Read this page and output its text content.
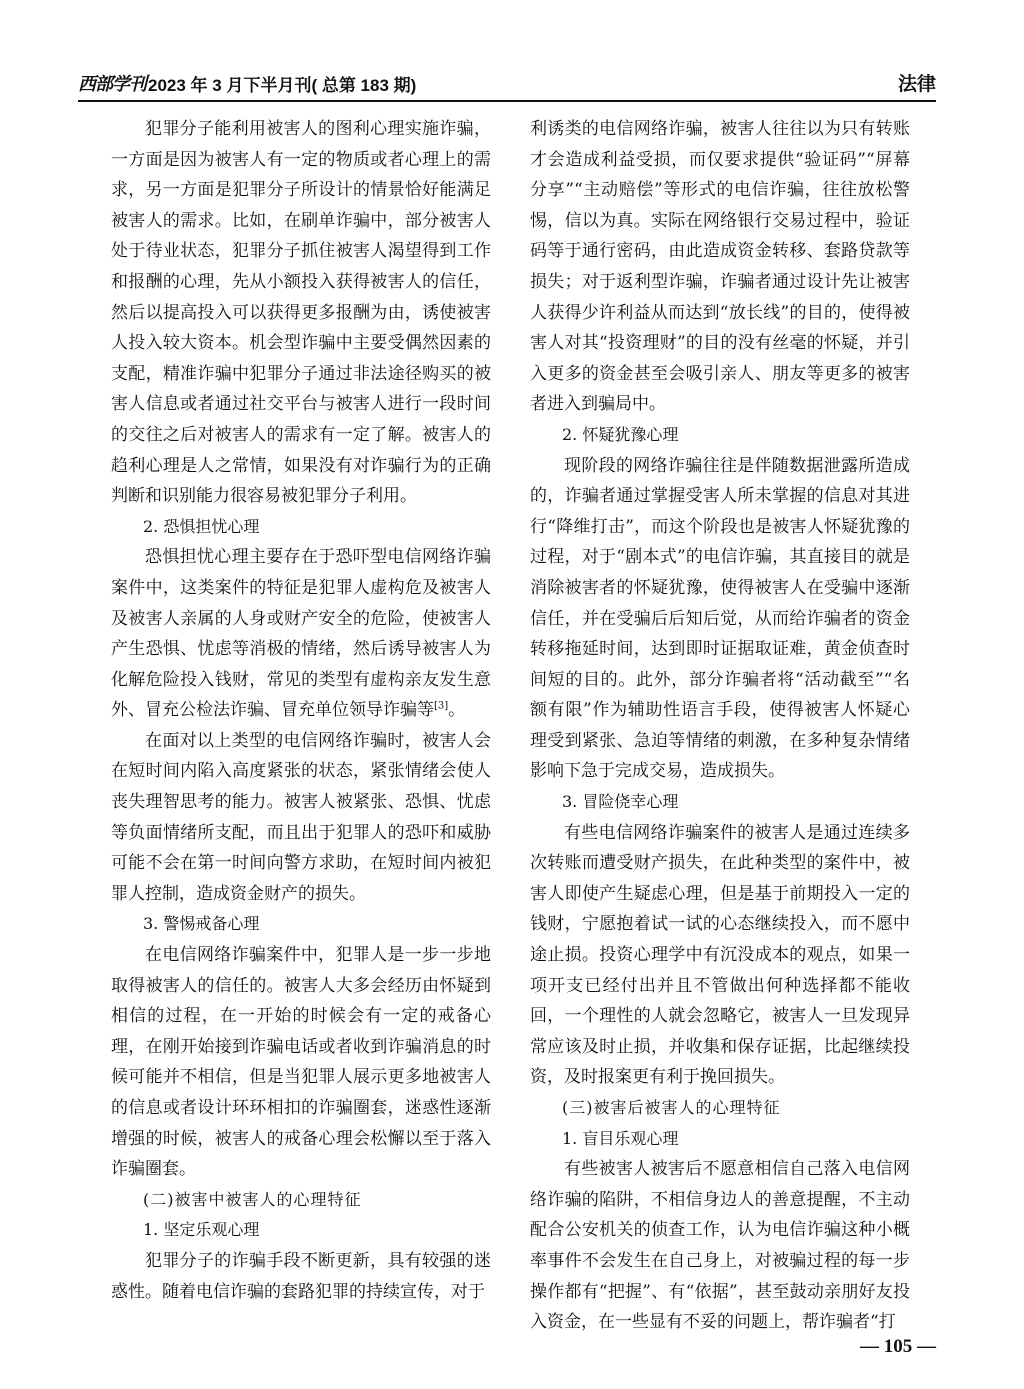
西部学刊 2023 年 3 月下半月刊( 总第 183 期)	法律

犯罪分子能利用被害人的图利心理实施诈骗，一方面是因为被害人有一定的物质或者心理上的需求，另一方面是犯罪分子所设计的情景恰好能满足被害人的需求。比如，在刷单诈骗中，部分被害人处于待业状态，犯罪分子抓住被害人渴望得到工作和报酬的心理，先从小额投入获得被害人的信任，然后以提高投入可以获得更多报酬为由，诱使被害人投入较大资本。机会型诈骗中主要受偶然因素的支配，精准诈骗中犯罪分子通过非法途径购买的被害人信息或者通过社交平台与被害人进行一段时间的交往之后对被害人的需求有一定了解。被害人的趋利心理是人之常情，如果没有对诈骗行为的正确判断和识别能力很容易被犯罪分子利用。

2. 恐惧担忧心理

恐惧担忧心理主要存在于恐吓型电信网络诈骗案件中，这类案件的特征是犯罪人虚构危及被害人及被害人亲属的人身或财产安全的危险，使被害人产生恐惧、忧虑等消极的情绪，然后诱导被害人为化解危险投入钱财，常见的类型有虚构亲友发生意外、冒充公检法诈骗、冒充单位领导诈骗等[3]。

在面对以上类型的电信网络诈骗时，被害人会在短时间内陷入高度紧张的状态，紧张情绪会使人丧失理智思考的能力。被害人被紧张、恐惧、忧虑等负面情绪所支配，而且出于犯罪人的恐吓和威胁可能不会在第一时间向警方求助，在短时间内被犯罪人控制，造成资金财产的损失。

3. 警惕戒备心理

在电信网络诈骗案件中，犯罪人是一步一步地取得被害人的信任的。被害人大多会经历由怀疑到相信的过程，在一开始的时候会有一定的戒备心理，在刚开始接到诈骗电话或者收到诈骗消息的时候可能并不相信，但是当犯罪人展示更多地被害人的信息或者设计环环相扣的诈骗圈套，迷惑性逐渐增强的时候，被害人的戒备心理会松懈以至于落入诈骗圈套。

(二)被害中被害人的心理特征

1. 坚定乐观心理

犯罪分子的诈骗手段不断更新，具有较强的迷惑性。随着电信诈骗的套路犯罪的持续宣传，对于

利诱类的电信网络诈骗，被害人往往以为只有转账才会造成利益受损，而仅要求提供“验证码”“屏幕分享”“主动赔偿”等形式的电信诈骗，往往放松警惕，信以为真。实际在网络银行交易过程中，验证码等于通行密码，由此造成资金转移、套路贷款等损失；对于返利型诈骗，诈骗者通过设计先让被害人获得少许利益从而达到“放长线”的目的，使得被害人对其“投资理财”的目的没有丝毫的怀疑，并引入更多的资金甚至会吸引亲人、朋友等更多的被害者进入到骗局中。

2. 怀疑犹豫心理

现阶段的网络诈骗往往是伴随数据泄露所造成的，诈骗者通过掌握受害人所未掌握的信息对其进行“降维打击”，而这个阶段也是被害人怀疑犹豫的过程，对于“剧本式”的电信诈骗，其直接目的就是消除被害者的怀疑犹豫，使得被害人在受骗中逐渐信任，并在受骗后后知后觉，从而给诈骗者的资金转移拖延时间，达到即时证据取证难，黄金侦查时间短的目的。此外，部分诈骗者将“活动截至”“名额有限”作为辅助性语言手段，使得被害人怀疑心理受到紧张、急迫等情绪的刺激，在多种复杂情绪影响下急于完成交易，造成损失。

3. 冒险侥幸心理

有些电信网络诈骗案件的被害人是通过连续多次转账而遭受财产损失，在此种类型的案件中，被害人即使产生疑虑心理，但是基于前期投入一定的钱财，宁愿抱着试一试的心态继续投入，而不愿中途止损。投资心理学中有沉没成本的观点，如果一项开支已经付出并且不管做出何种选择都不能收回，一个理性的人就会忽略它，被害人一旦发现异常应该及时止损，并收集和保存证据，比起继续投资，及时报案更有利于挽回损失。

(三)被害后被害人的心理特征

1. 盲目乐观心理

有些被害人被害后不愿意相信自己落入电信网络诈骗的陷阱，不相信身边人的善意提醒，不主动配合公安机关的侦查工作，认为电信诈骗这种小概率事件不会发生在自己身上，对被骗过程的每一步操作都有“把握”、有“依据”，甚至鼓动亲朋好友投入资金，在一些显有不妥的问题上，帮诈骗者“打

— 105 —
